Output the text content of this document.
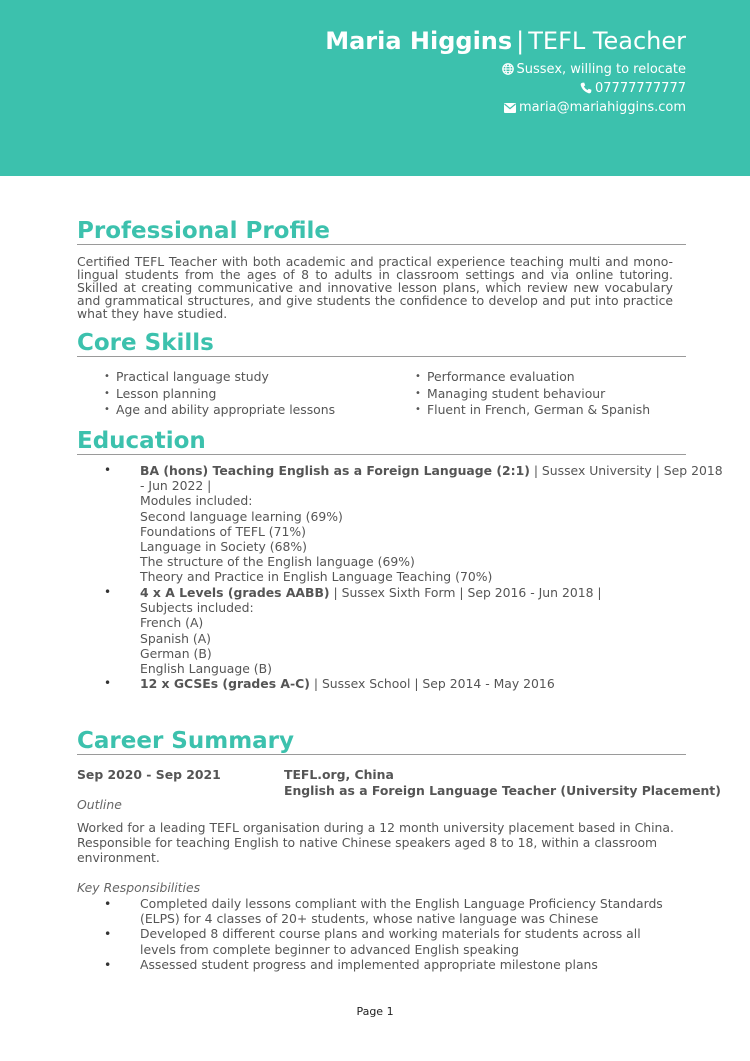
Maria Higgins | TEFL Teacher
Sussex, willing to relocate
07777777777
maria@mariahiggins.com
Professional Profile
Certified TEFL Teacher with both academic and practical experience teaching multi and mono-lingual students from the ages of 8 to adults in classroom settings and via online tutoring. Skilled at creating communicative and innovative lesson plans, which review new vocabulary and grammatical structures, and give students the confidence to develop and put into practice what they have studied.
Core Skills
• Practical language study
• Lesson planning
• Age and ability appropriate lessons
• Performance evaluation
• Managing student behaviour
• Fluent in French, German & Spanish
Education
• BA (hons) Teaching English as a Foreign Language (2:1) | Sussex University | Sep 2018
- Jun 2022 |
Modules included:
Second language learning (69%)
Foundations of TEFL (71%)
Language in Society (68%)
The structure of the English language (69%)
Theory and Practice in English Language Teaching (70%)
• 4 x A Levels (grades AABB) | Sussex Sixth Form | Sep 2016 - Jun 2018 |
Subjects included:
French (A)
Spanish (A)
German (B)
English Language (B)
• 12 x GCSEs (grades A-C) | Sussex School | Sep 2014 - May 2016
Career Summary
Sep 2020 - Sep 2021	TEFL.org, China
English as a Foreign Language Teacher (University Placement)
Outline
Worked for a leading TEFL organisation during a 12 month university placement based in China. Responsible for teaching English to native Chinese speakers aged 8 to 18, within a classroom environment.
Key Responsibilities
• Completed daily lessons compliant with the English Language Proficiency Standards (ELPS) for 4 classes of 20+ students, whose native language was Chinese
• Developed 8 different course plans and working materials for students across all levels from complete beginner to advanced English speaking
• Assessed student progress and implemented appropriate milestone plans
Page 1
